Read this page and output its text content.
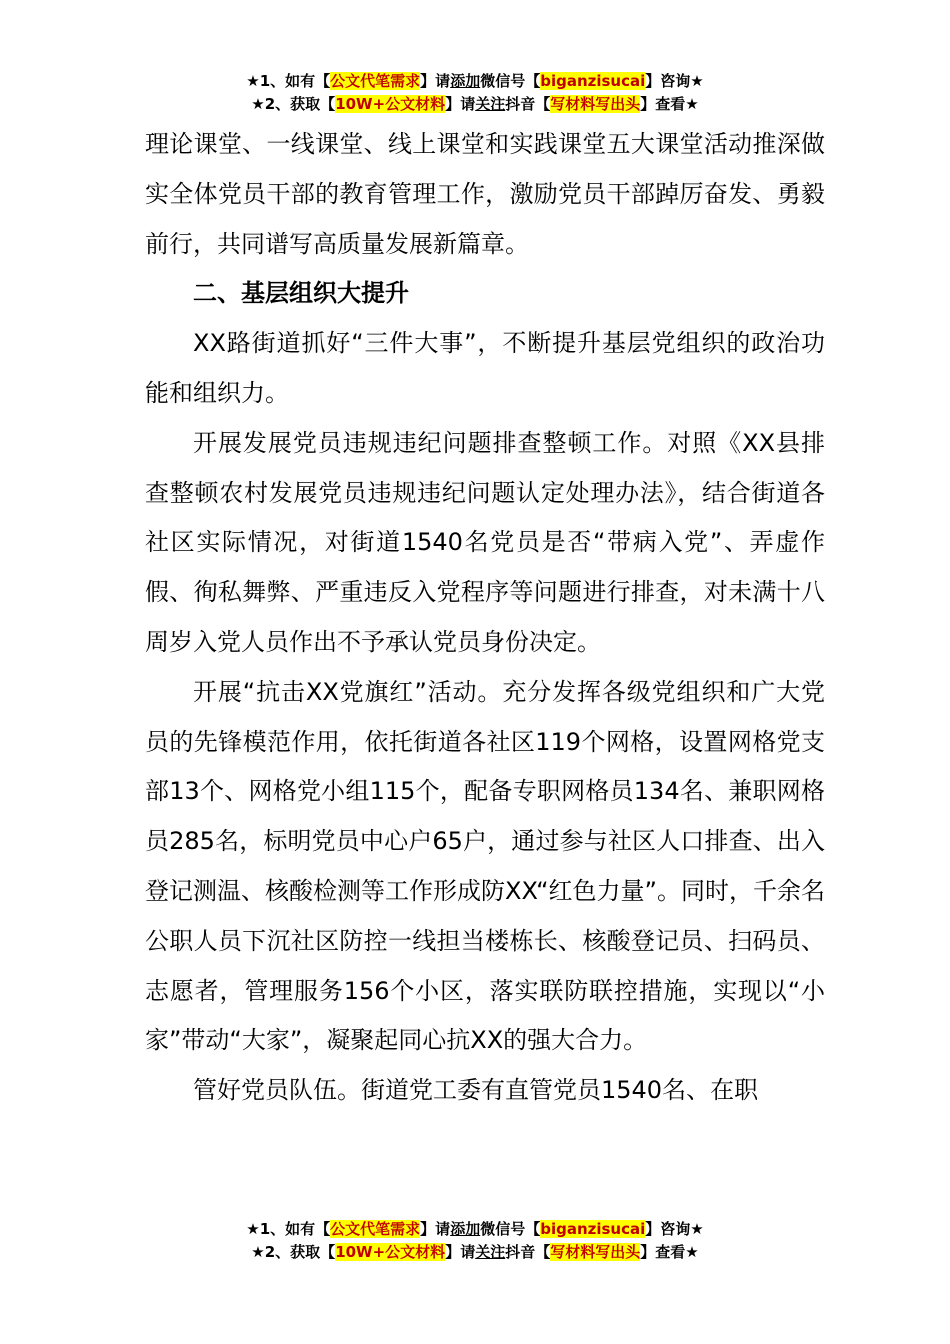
★1、如有【公文代笔需求】请添加微信号【biganzisucai】咨询★
★2、获取【10W+公文材料】请关注抖音【写材料写出头】查看★

理论课堂、一线课堂、线上课堂和实践课堂五大课堂活动推深做实全体党员干部的教育管理工作，激励党员干部踔厉奋发、勇毅前行，共同谱写高质量发展新篇章。

二、基层组织大提升

XX路街道抓好“三件大事”，不断提升基层党组织的政治功能和组织力。

开展发展党员违规违纪问题排查整顿工作。对照《XX县排查整顿农村发展党员违规违纪问题认定处理办法》，结合街道各社区实际情况，对街道1540名党员是否“带病入党”、弄虚作假、徇私舞弊、严重违反入党程序等问题进行排查，对未满十八周岁入党人员作出不予承认党员身份决定。

开展“抗击XX党旗红”活动。充分发挥各级党组织和广大党员的先锋模范作用，依托街道各社区119个网格，设置网格党支部13个、网格党小组115个，配备专职网格员134名、兼职网格员285名，标明党员中心户65户，通过参与社区人口排查、出入登记测温、核酸检测等工作形成防XX“红色力量”。同时，千余名公职人员下沉社区防控一线担当楼栋长、核酸登记员、扫码员、志愿者，管理服务156个小区，落实联防联控措施，实现以“小家”带动“大家”，凝聚起同心抗XX的强大合力。

管好党员队伍。街道党工委有直管党员1540名、在职

★1、如有【公文代笔需求】请添加微信号【biganzisucai】咨询★
★2、获取【10W+公文材料】请关注抖音【写材料写出头】查看★
